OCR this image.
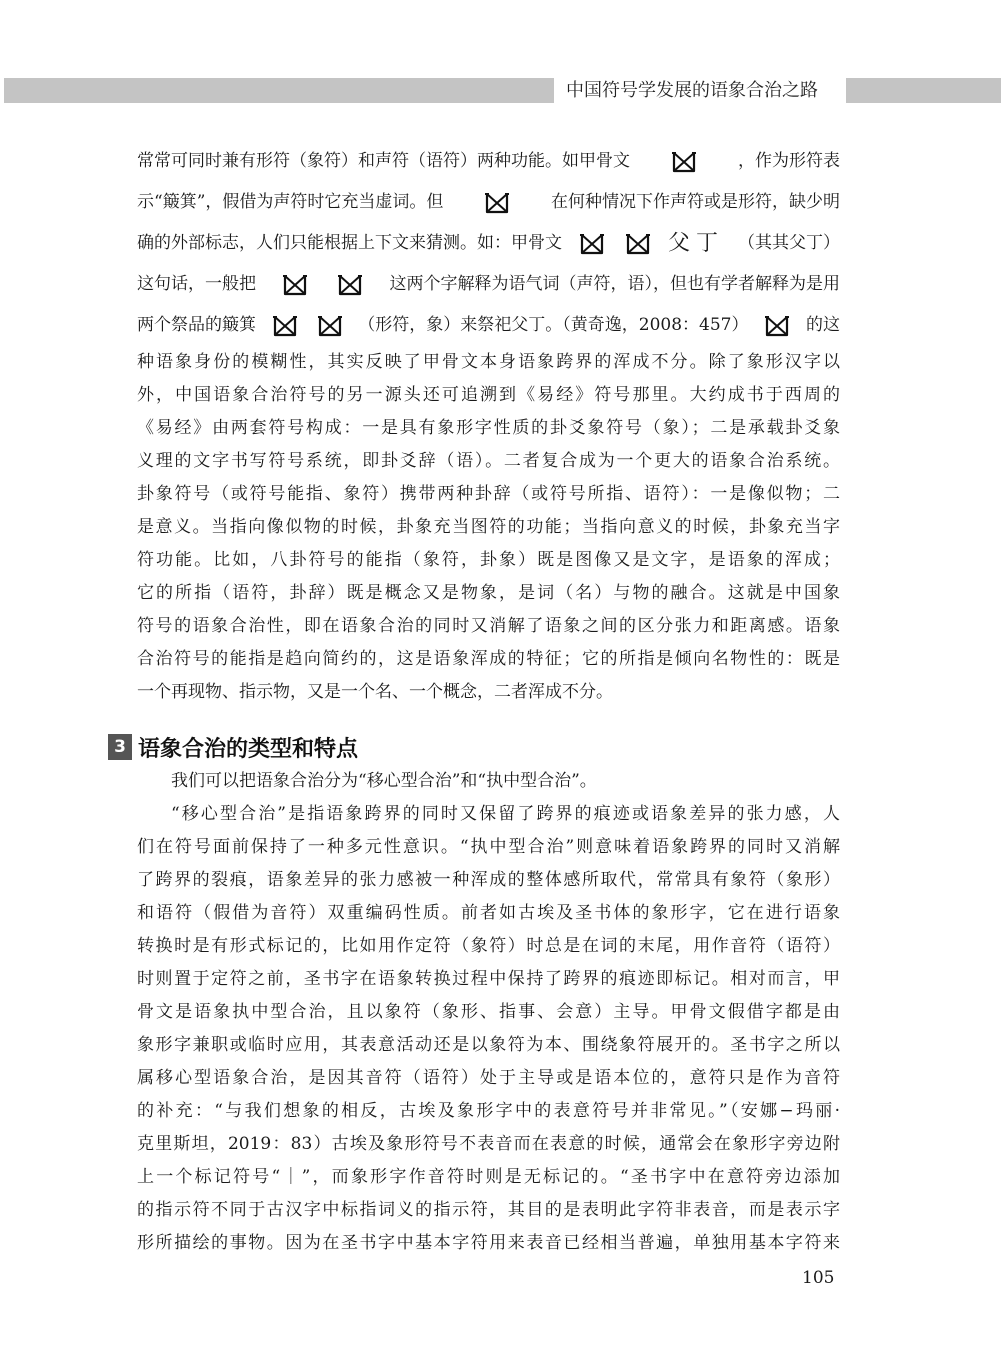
中国符号学发展的语象合治之路
常常可同时兼有形符（象符）和声符（语符）两种功能。如甲骨文	，作为形符表
示“簸箕”，假借为声符时它充当虚词。但	在何种情况下作声符或是形符，缺少明
确的外部标志，人们只能根据上下文来猜测。如：甲骨文	父丁 （其其父丁）
这句话，一般把	这两个字解释为语气词（声符，语），但也有学者解释为是用
两个祭品的簸箕	（形符，象）来祭祀父丁。（黄奇逸，2008：457）	的这
种语象身份的模糊性，其实反映了甲骨文本身语象跨界的浑成不分。除了象形汉字以
外，中国语象合治符号的另一源头还可追溯到《易经》符号那里。大约成书于西周的
《易经》由两套符号构成：一是具有象形字性质的卦爻象符号（象）；二是承载卦爻象
义理的文字书写符号系统，即卦爻辞（语）。二者复合成为一个更大的语象合治系统。
卦象符号（或符号能指、象符）携带两种卦辞（或符号所指、语符）：一是像似物；二
是意义。当指向像似物的时候，卦象充当图符的功能；当指向意义的时候，卦象充当字
符功能。比如，八卦符号的能指（象符，卦象）既是图像又是文字，是语象的浑成；
它的所指（语符，卦辞）既是概念又是物象，是词（名）与物的融合。这就是中国象
符号的语象合治性，即在语象合治的同时又消解了语象之间的区分张力和距离感。语象
合治符号的能指是趋向简约的，这是语象浑成的特征；它的所指是倾向名物性的：既是
一个再现物、指示物，又是一个名、一个概念，二者浑成不分。
3 语象合治的类型和特点
我们可以把语象合治分为“移心型合治”和“执中型合治”。
“移心型合治”是指语象跨界的同时又保留了跨界的痕迹或语象差异的张力感，人
们在符号面前保持了一种多元性意识。“执中型合治”则意味着语象跨界的同时又消解
了跨界的裂痕，语象差异的张力感被一种浑成的整体感所取代，常常具有象符（象形）
和语符（假借为音符）双重编码性质。前者如古埃及圣书体的象形字，它在进行语象
转换时是有形式标记的，比如用作定符（象符）时总是在词的末尾，用作音符（语符）
时则置于定符之前，圣书字在语象转换过程中保持了跨界的痕迹即标记。相对而言，甲
骨文是语象执中型合治，且以象符（象形、指事、会意）主导。甲骨文假借字都是由
象形字兼职或临时应用，其表意活动还是以象符为本、围绕象符展开的。圣书字之所以
属移心型语象合治，是因其音符（语符）处于主导或是语本位的，意符只是作为音符
的补充：“与我们想象的相反，古埃及象形字中的表意符号并非常见。”（安娜−玛丽·
克里斯坦，2019：83）古埃及象形符号不表音而在表意的时候，通常会在象形字旁边附
上一个标记符号“｜”，而象形字作音符时则是无标记的。“圣书字中在意符旁边添加
的指示符不同于古汉字中标指词义的指示符，其目的是表明此字符非表音，而是表示字
形所描绘的事物。因为在圣书字中基本字符用来表音已经相当普遍，单独用基本字符来
105
